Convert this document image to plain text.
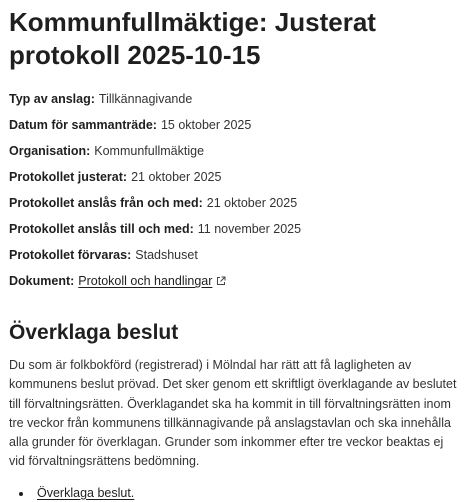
Kommunfullmäktige: Justerat protokoll 2025-10-15
Typ av anslag: Tillkännagivande
Datum för sammanträde: 15 oktober 2025
Organisation: Kommunfullmäktige
Protokollet justerat: 21 oktober 2025
Protokollet anslås från och med: 21 oktober 2025
Protokollet anslås till och med: 11 november 2025
Protokollet förvaras: Stadshuset
Dokument: Protokoll och handlingar
Överklaga beslut

Du som är folkbokförd (registrerad) i Mölndal har rätt att få lagligheten av kommunens beslut prövad. Det sker genom ett skriftligt överklagande av beslutet till förvaltningsrätten. Överklagandet ska ha kommit in till förvaltningsrätten inom tre veckor från kommunens tillkännagivande på anslagstavlan och ska innehålla alla grunder för överklagan. Grunder som inkommer efter tre veckor beaktas ej vid förvaltningsrättens bedömning.

Överklaga beslut.
